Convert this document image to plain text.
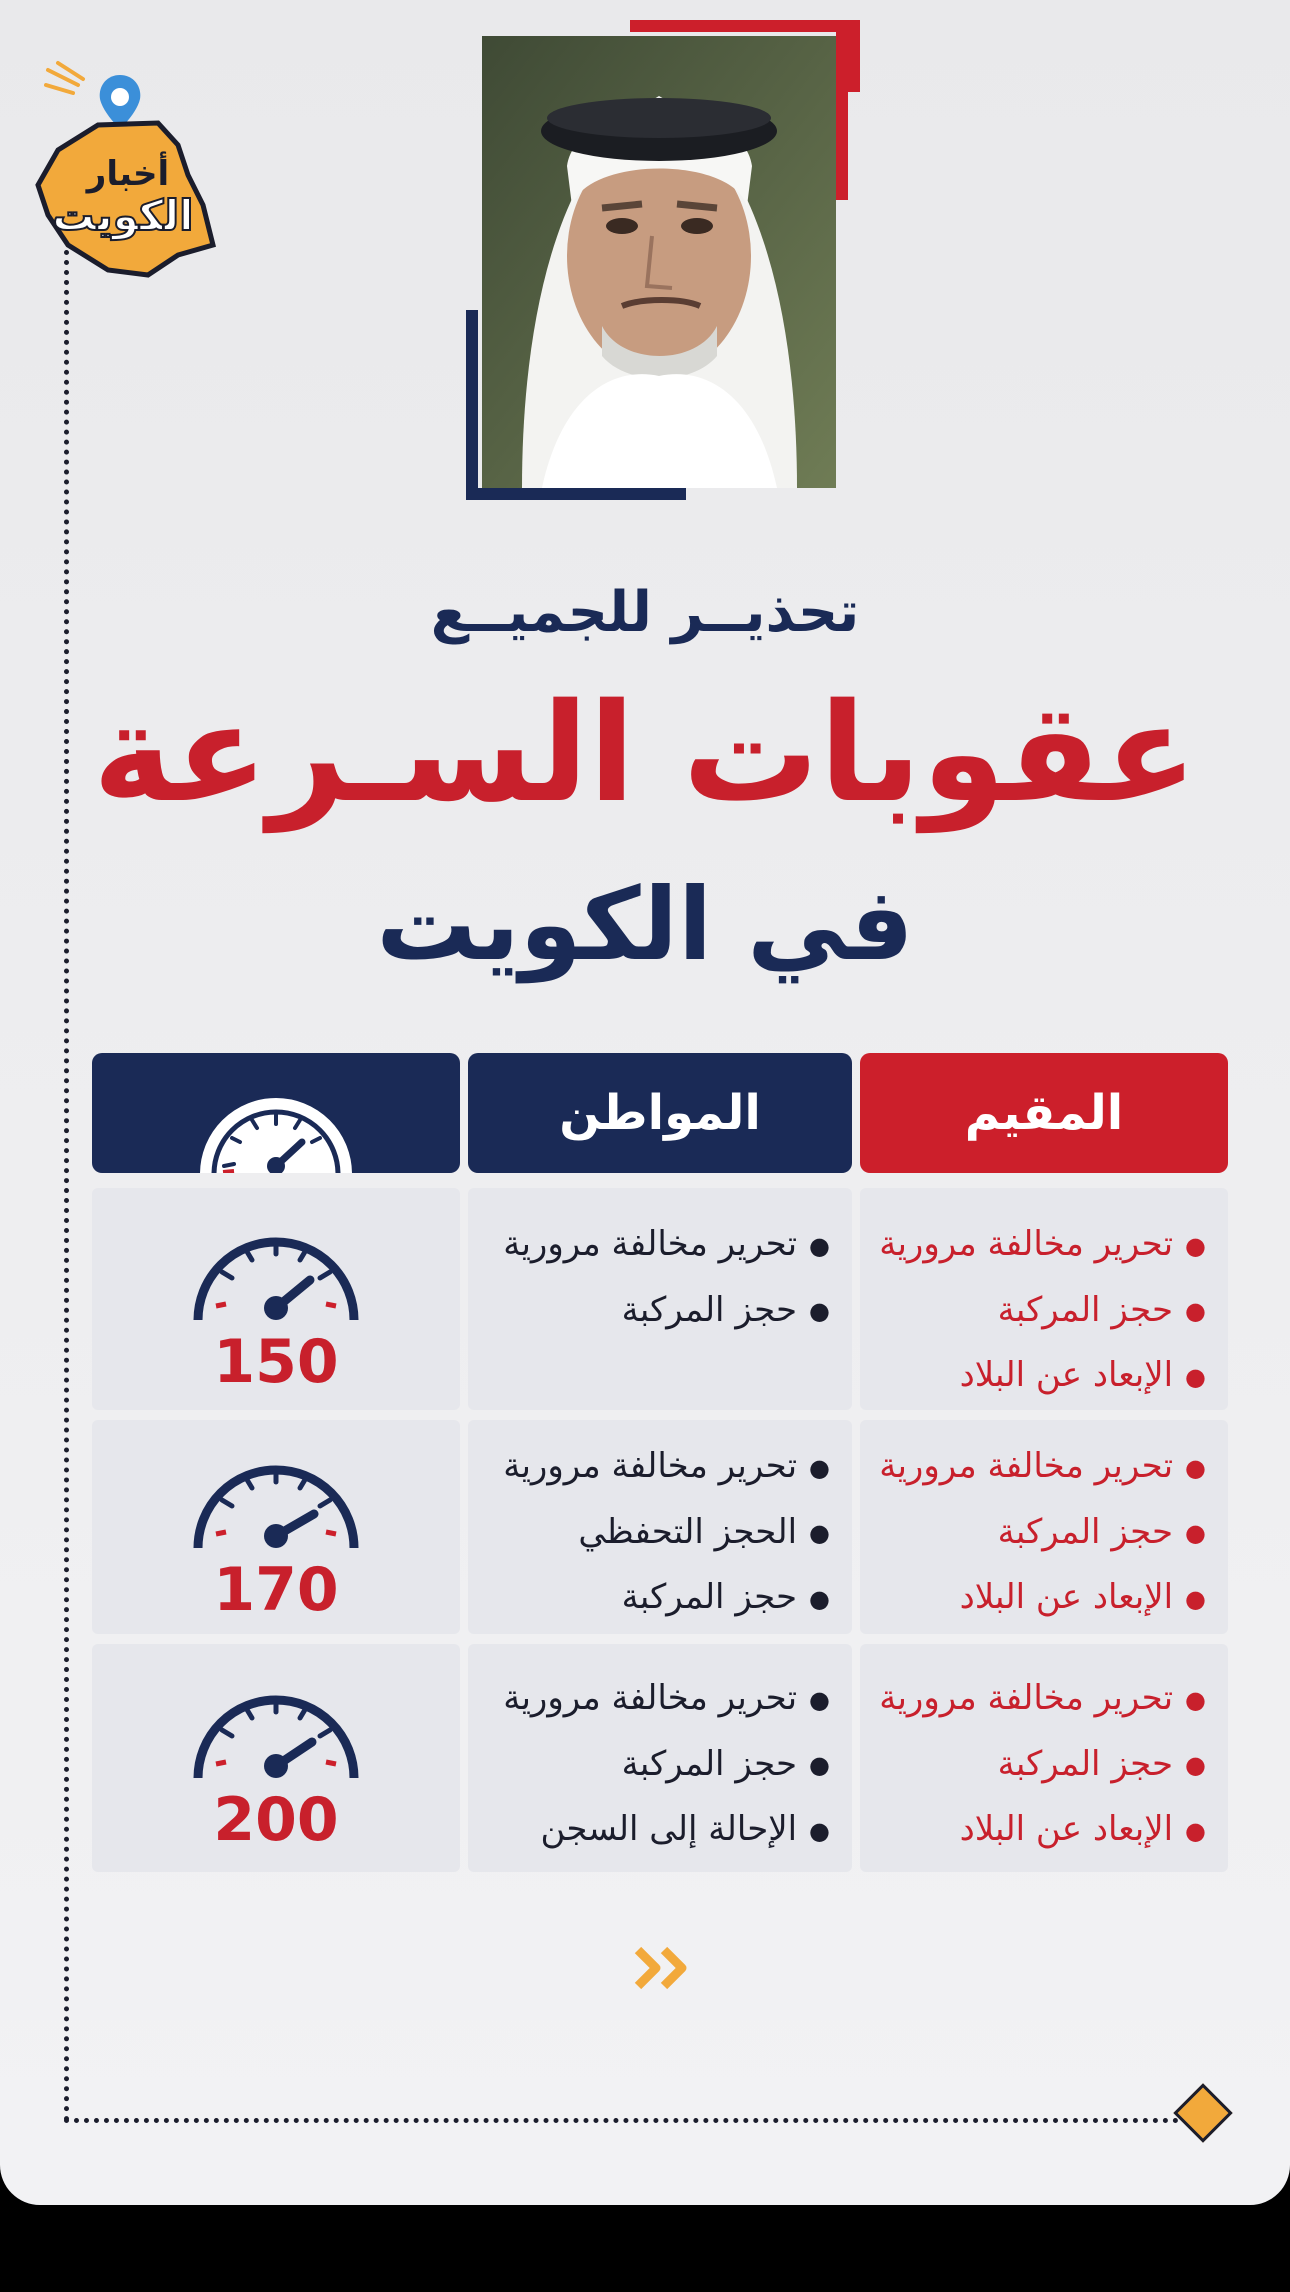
أخبار
الكويت
تحذيــر للجميــع
عقوبات السـرعة
في الكويت
المقيم
المواطن
●تحرير مخالفة مرورية
●حجز المركبة
●الإبعاد عن البلاد
●تحرير مخالفة مرورية
●حجز المركبة
150
●تحرير مخالفة مرورية
●حجز المركبة
●الإبعاد عن البلاد
●تحرير مخالفة مرورية
●الحجز التحفظي
●حجز المركبة
170
●تحرير مخالفة مرورية
●حجز المركبة
●الإبعاد عن البلاد
●تحرير مخالفة مرورية
●حجز المركبة
●الإحالة إلى السجن
200
